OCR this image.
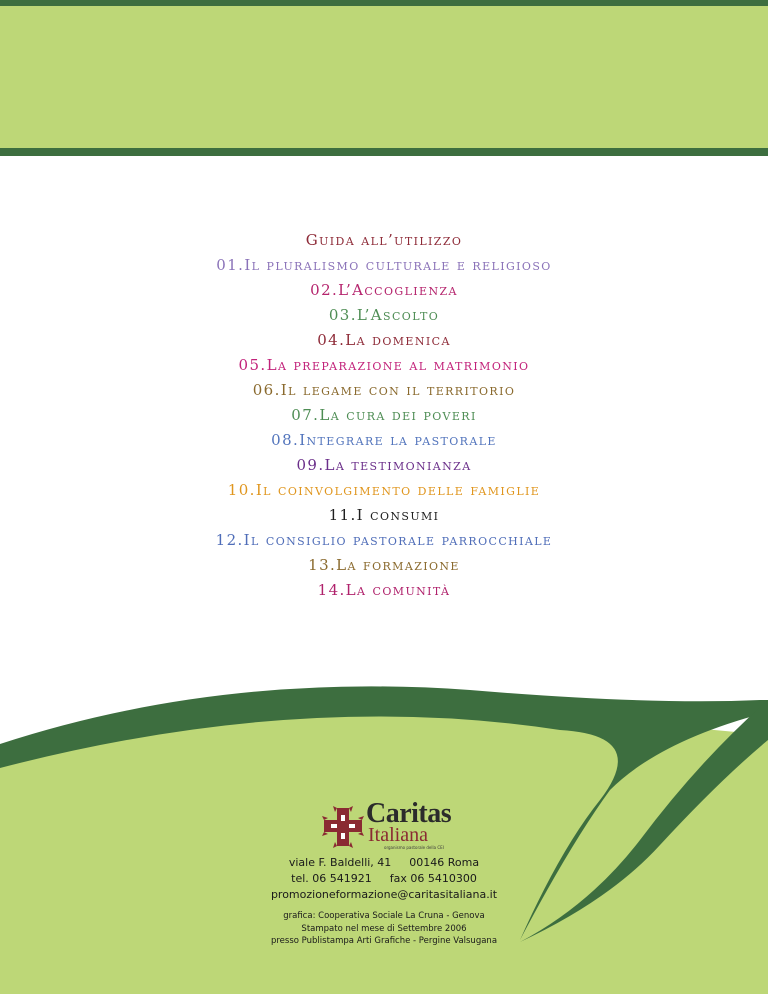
Guida all’utilizzo
01.Il pluralismo culturale e religioso
02.L’Accoglienza
03.L’Ascolto
04.La domenica
05.La preparazione al matrimonio
06.Il legame con il territorio
07.La cura dei poveri
08.Integrare la pastorale
09.La testimonianza
10.Il coinvolgimento delle famiglie
11.I consumi
12.Il consiglio pastorale parrocchiale
13.La formazione
14.La comunità
Caritas
Italiana
organismo pastorale della CEI
viale F. Baldelli, 41 00146 Roma
tel. 06 541921 fax 06 5410300
promozioneformazione@caritasitaliana.it
grafica: Cooperativa Sociale La Cruna - Genova
Stampato nel mese di Settembre 2006
presso Publistampa Arti Grafiche - Pergine Valsugana
